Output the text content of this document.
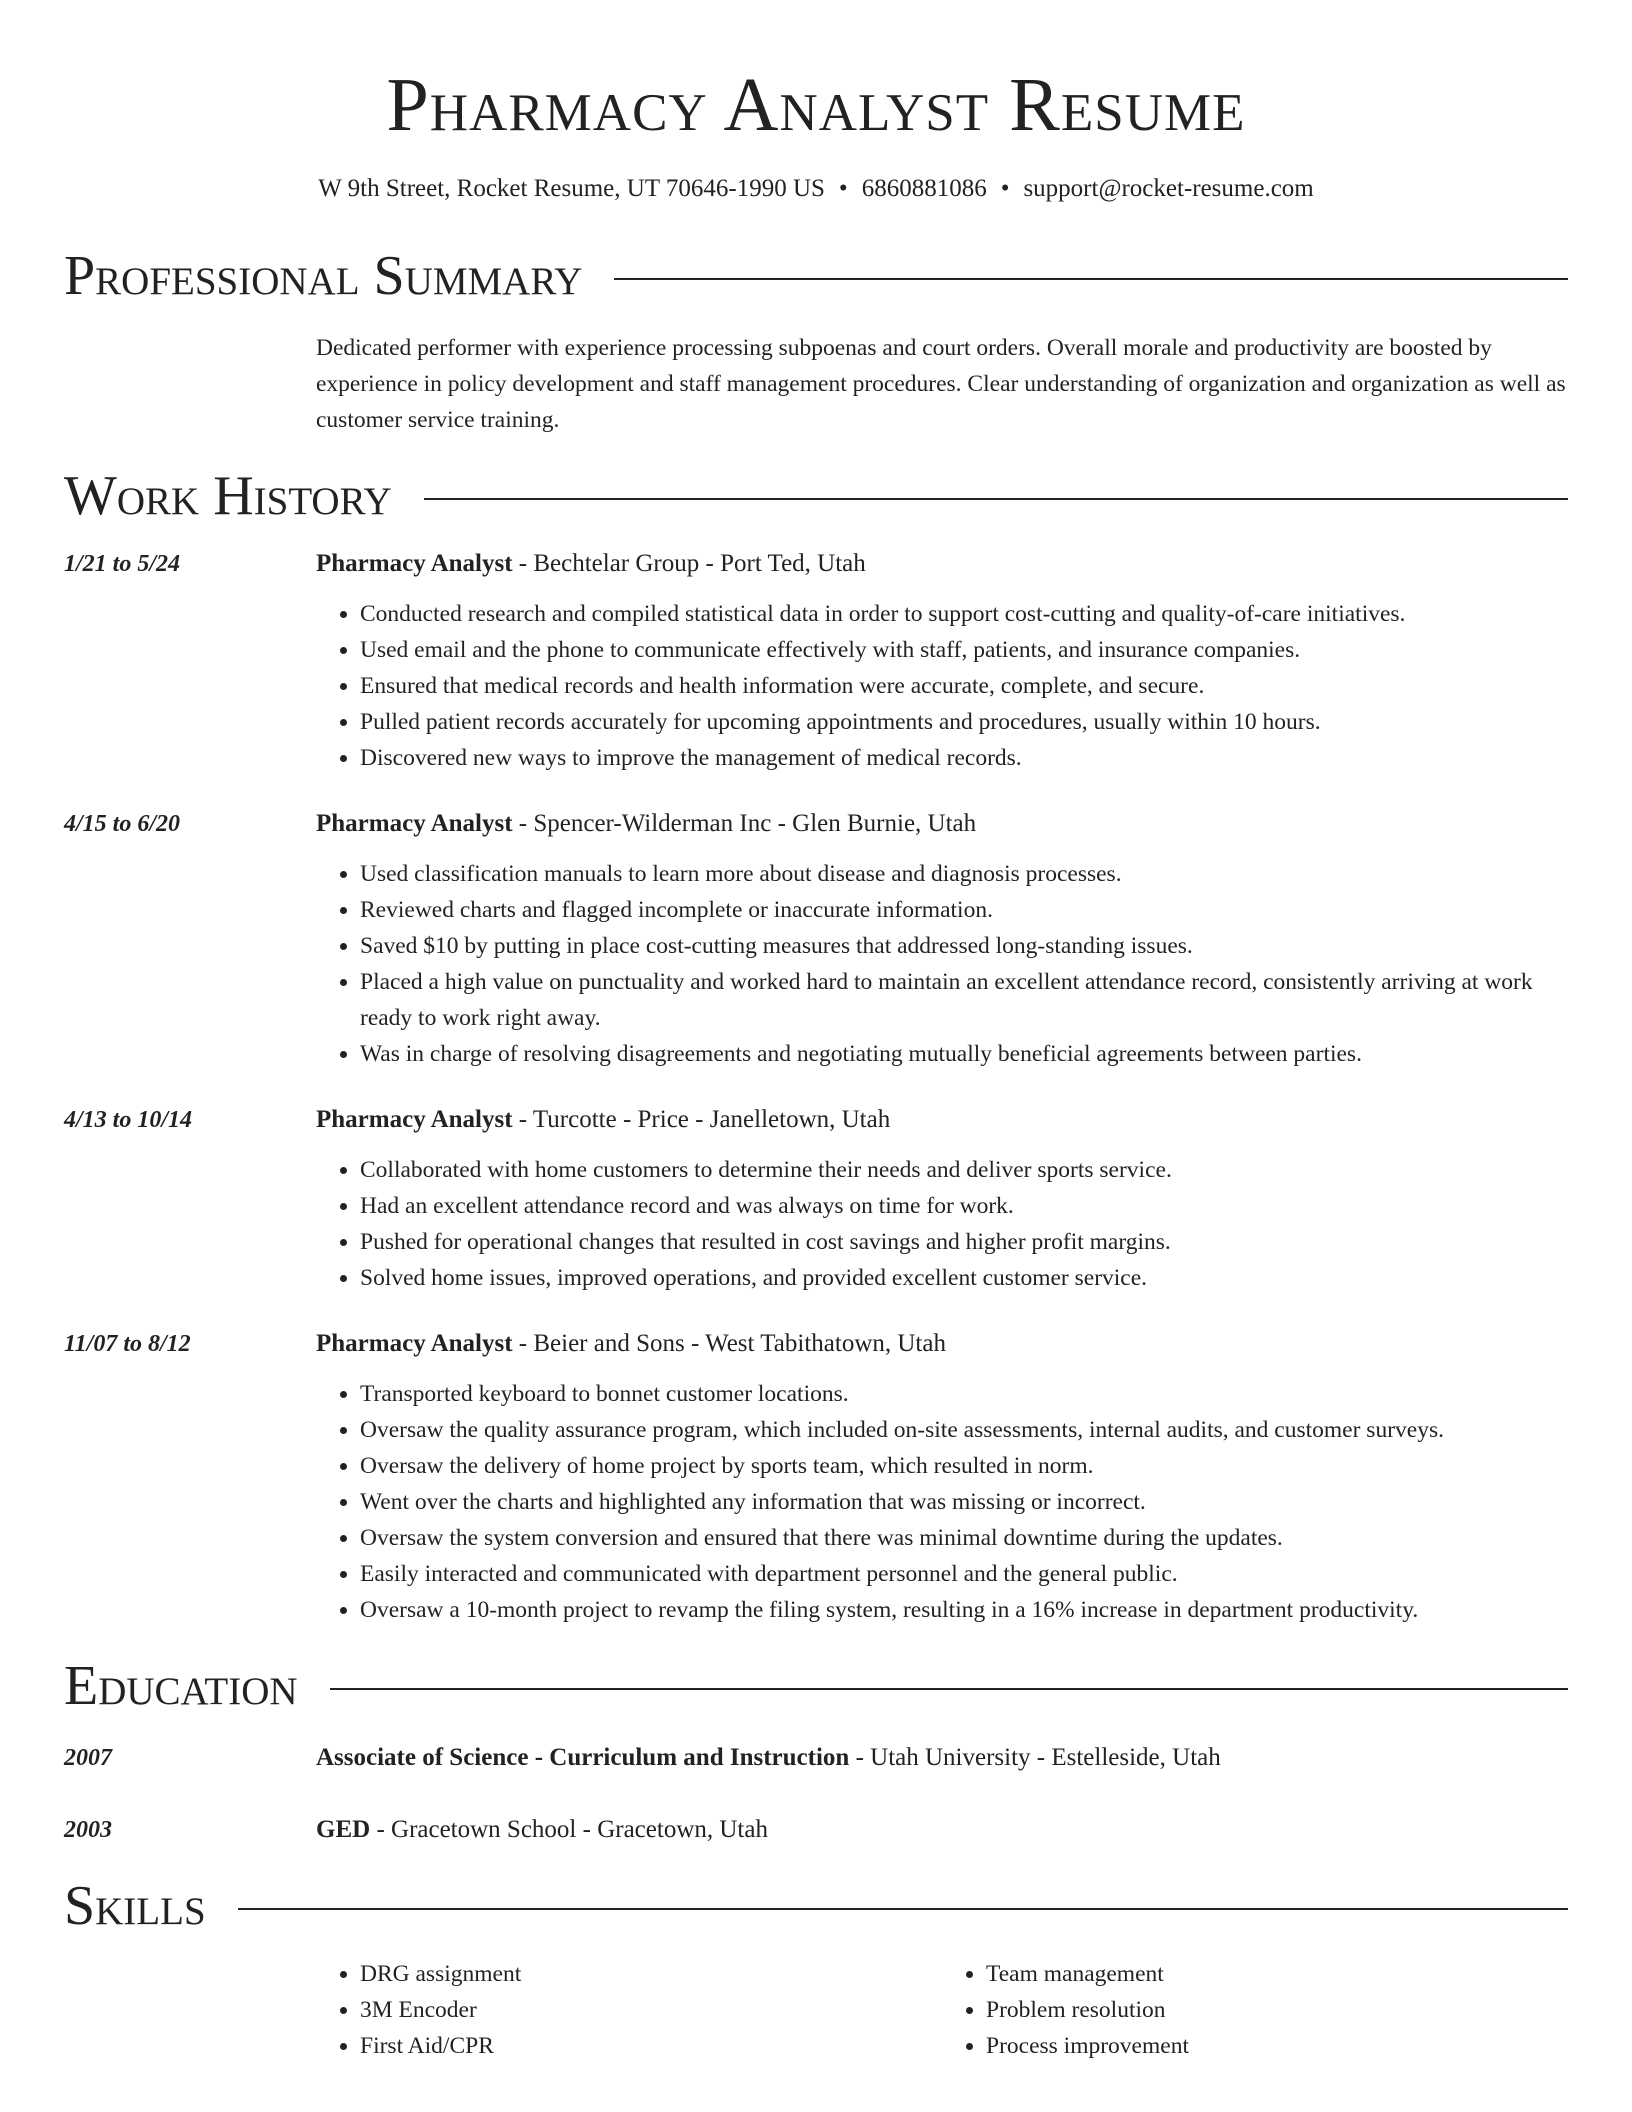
Pharmacy Analyst Resume
W 9th Street, Rocket Resume, UT 70646-1990 US • 6860881086 • support@rocket-resume.com
Professional Summary
Dedicated performer with experience processing subpoenas and court orders. Overall morale and productivity are boosted by experience in policy development and staff management procedures. Clear understanding of organization and organization as well as customer service training.
Work History
1/21 to 5/24	Pharmacy Analyst - Bechtelar Group - Port Ted, Utah
• Conducted research and compiled statistical data in order to support cost-cutting and quality-of-care initiatives.
• Used email and the phone to communicate effectively with staff, patients, and insurance companies.
• Ensured that medical records and health information were accurate, complete, and secure.
• Pulled patient records accurately for upcoming appointments and procedures, usually within 10 hours.
• Discovered new ways to improve the management of medical records.
4/15 to 6/20	Pharmacy Analyst - Spencer-Wilderman Inc - Glen Burnie, Utah
• Used classification manuals to learn more about disease and diagnosis processes.
• Reviewed charts and flagged incomplete or inaccurate information.
• Saved $10 by putting in place cost-cutting measures that addressed long-standing issues.
• Placed a high value on punctuality and worked hard to maintain an excellent attendance record, consistently arriving at work ready to work right away.
• Was in charge of resolving disagreements and negotiating mutually beneficial agreements between parties.
4/13 to 10/14	Pharmacy Analyst - Turcotte - Price - Janelletown, Utah
• Collaborated with home customers to determine their needs and deliver sports service.
• Had an excellent attendance record and was always on time for work.
• Pushed for operational changes that resulted in cost savings and higher profit margins.
• Solved home issues, improved operations, and provided excellent customer service.
11/07 to 8/12	Pharmacy Analyst - Beier and Sons - West Tabithatown, Utah
• Transported keyboard to bonnet customer locations.
• Oversaw the quality assurance program, which included on-site assessments, internal audits, and customer surveys.
• Oversaw the delivery of home project by sports team, which resulted in norm.
• Went over the charts and highlighted any information that was missing or incorrect.
• Oversaw the system conversion and ensured that there was minimal downtime during the updates.
• Easily interacted and communicated with department personnel and the general public.
• Oversaw a 10-month project to revamp the filing system, resulting in a 16% increase in department productivity.
Education
2007	Associate of Science - Curriculum and Instruction - Utah University - Estelleside, Utah
2003	GED - Gracetown School - Gracetown, Utah
Skills
• DRG assignment
• 3M Encoder
• First Aid/CPR
• Team management
• Problem resolution
• Process improvement
